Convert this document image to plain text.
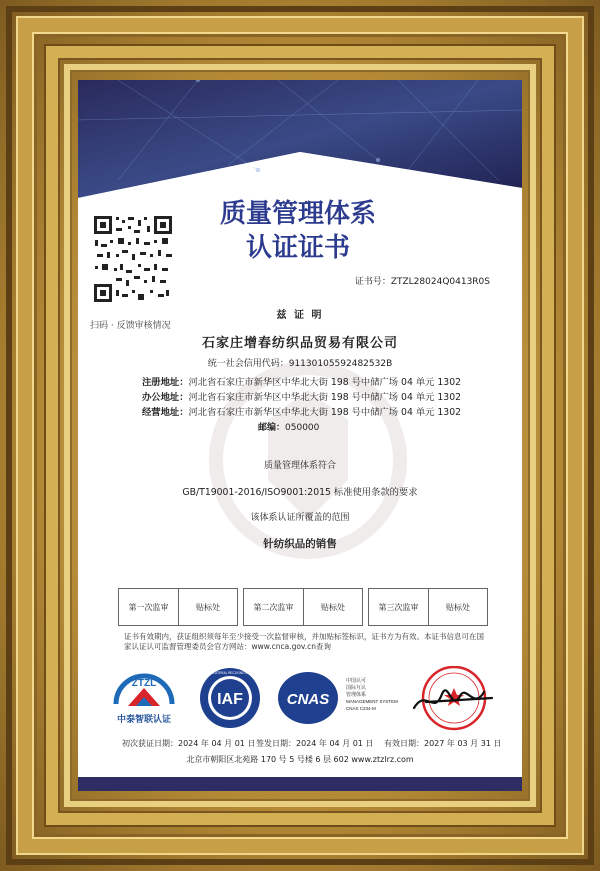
质量管理体系
认证证书
扫码 · 反馈审核情况
证书号：ZTZL28024Q0413R0S
兹 证 明
石家庄增春纺织品贸易有限公司
统一社会信用代码：91130105592482532B
注册地址：河北省石家庄市新华区中华北大街 198 号中储广场 04 单元 1302
办公地址：河北省石家庄市新华区中华北大街 198 号中储广场 04 单元 1302
经营地址：河北省石家庄市新华区中华北大街 198 号中储广场 04 单元 1302
邮编：050000
质量管理体系符合
GB/T19001-2016/ISO9001:2015 标准使用条款的要求
该体系认证所覆盖的范围
针纺织品的销售
第一次监审	贴标处	第二次监审	贴标处	第三次监审	贴标处
证书有效期内，获证组织须每年至少接受一次监督审核，并加贴标签标识，证书方为有效。本证书信息可在国家认证认可监督管理委员会官方网站：www.cnca.gov.cn查询
ZTZL
中泰智联认证
MEMBER OF MULTILATERAL RECOGNITION ARRANGEMENT
IAF	CNAS
中国认可
国际互认
管理体系
MANAGEMENT SYSTEM
CNAS C234-M
初次获证日期：2024 年 04 月 01 日 签发日期：2024 年 04 月 01 日 有效日期：2027 年 03 月 31 日
北京市朝阳区北苑路 170 号 5 号楼 6 层 602 www.ztzlrz.com
